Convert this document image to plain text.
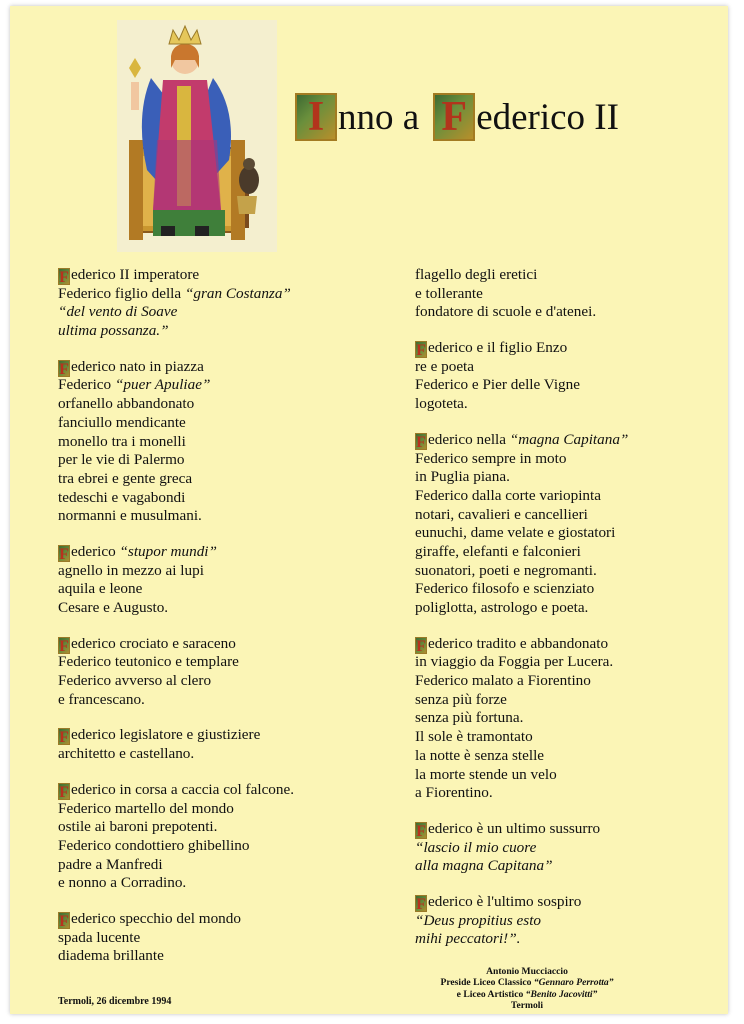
I nno a F ederico II
F ederico II imperatore
Federico figlio della “gran Costanza”
“del vento di Soave
ultima possanza.”
F ederico nato in piazza
Federico “puer Apuliae”
orfanello abbandonato
fanciullo mendicante
monello tra i monelli
per le vie di Palermo
tra ebrei e gente greca
tedeschi e vagabondi
normanni e musulmani.
F ederico “stupor mundi”
agnello in mezzo ai lupi
aquila e leone
Cesare e Augusto.
F ederico crociato e saraceno
Federico teutonico e templare
Federico avverso al clero
e francescano.
F ederico legislatore e giustiziere
architetto e castellano.
F ederico in corsa a caccia col falcone.
Federico martello del mondo
ostile ai baroni prepotenti.
Federico condottiero ghibellino
padre a Manfredi
e nonno a Corradino.
F ederico specchio del mondo
spada lucente
diadema brillante
flagello degli eretici
e tollerante
fondatore di scuole e d'atenei.
F ederico e il figlio Enzo
re e poeta
Federico e Pier delle Vigne
logoteta.
F ederico nella “magna Capitana”
Federico sempre in moto
in Puglia piana.
Federico dalla corte variopinta
notari, cavalieri e cancellieri
eunuchi, dame velate e giostatori
giraffe, elefanti e falconieri
suonatori, poeti e negromanti.
Federico filosofo e scienziato
poliglotta, astrologo e poeta.
F ederico tradito e abbandonato
in viaggio da Foggia per Lucera.
Federico malato a Fiorentino
senza più forze
senza più fortuna.
Il sole è tramontato
la notte è senza stelle
la morte stende un velo
a Fiorentino.
F ederico è un ultimo sussurro
“lascio il mio cuore
alla magna Capitana”
F ederico è l'ultimo sospiro
“Deus propitius esto
mihi peccatori!”.
Antonio Mucciaccio
Preside Liceo Classico “Gennaro Perrotta”
e Liceo Artistico “Benito Jacovitti”
Termoli
Termoli, 26 dicembre 1994
